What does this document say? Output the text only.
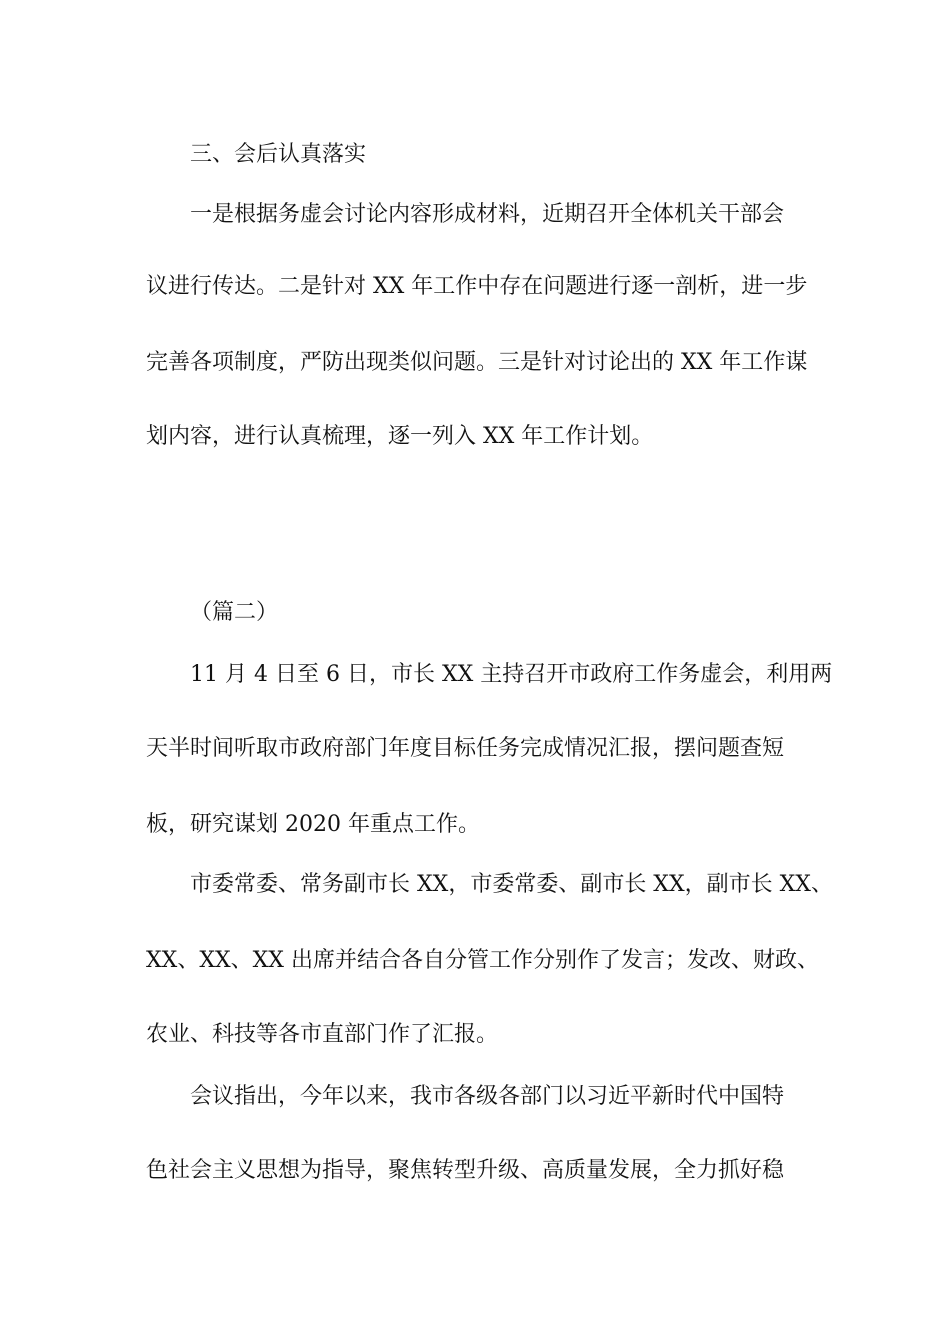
三、会后认真落实
一是根据务虚会讨论内容形成材料，近期召开全体机关干部会
议进行传达。二是针对 XX 年工作中存在问题进行逐一剖析，进一步
完善各项制度，严防出现类似问题。三是针对讨论出的 XX 年工作谋
划内容，进行认真梳理，逐一列入 XX 年工作计划。
（篇二）
11 月 4 日至 6 日，市长 XX 主持召开市政府工作务虚会，利用两
天半时间听取市政府部门年度目标任务完成情况汇报，摆问题查短
板，研究谋划 2020 年重点工作。
市委常委、常务副市长 XX，市委常委、副市长 XX，副市长 XX、
XX、XX、XX 出席并结合各自分管工作分别作了发言；发改、财政、
农业、科技等各市直部门作了汇报。
会议指出，今年以来，我市各级各部门以习近平新时代中国特
色社会主义思想为指导，聚焦转型升级、高质量发展，全力抓好稳
